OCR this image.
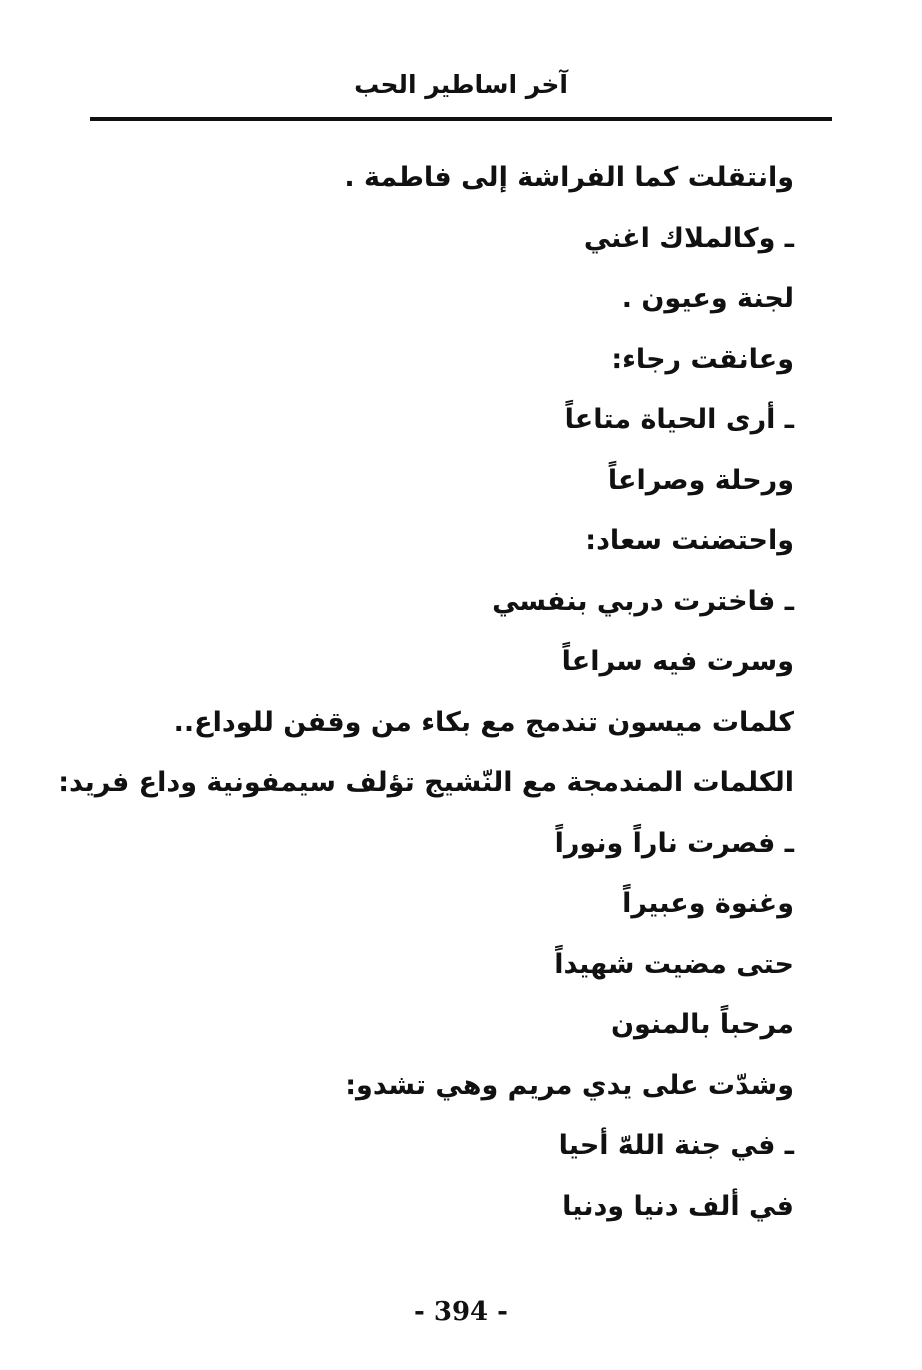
آخر اساطير الحب
وانتقلت كما الفراشة إلى فاطمة .
ـ وكالملاك اغني
لجنة وعيون .
وعانقت رجاء:
ـ أرى الحياة متاعاً
ورحلة وصراعاً
واحتضنت سعاد:
ـ فاخترت دربي بنفسي
وسرت فيه سراعاً
كلمات ميسون تندمج مع بكاء من وقفن للوداع..
الكلمات المندمجة مع النّشيج تؤلف سيمفونية وداع فريد:
ـ فصرت ناراً ونوراً
وغنوة وعبيراً
حتى مضيت شهيداً
مرحباً بالمنون
وشدّت على يدي مريم وهي تشدو:
ـ في جنة اللهّ أحيا
في ألف دنيا ودنيا
- 394 -
